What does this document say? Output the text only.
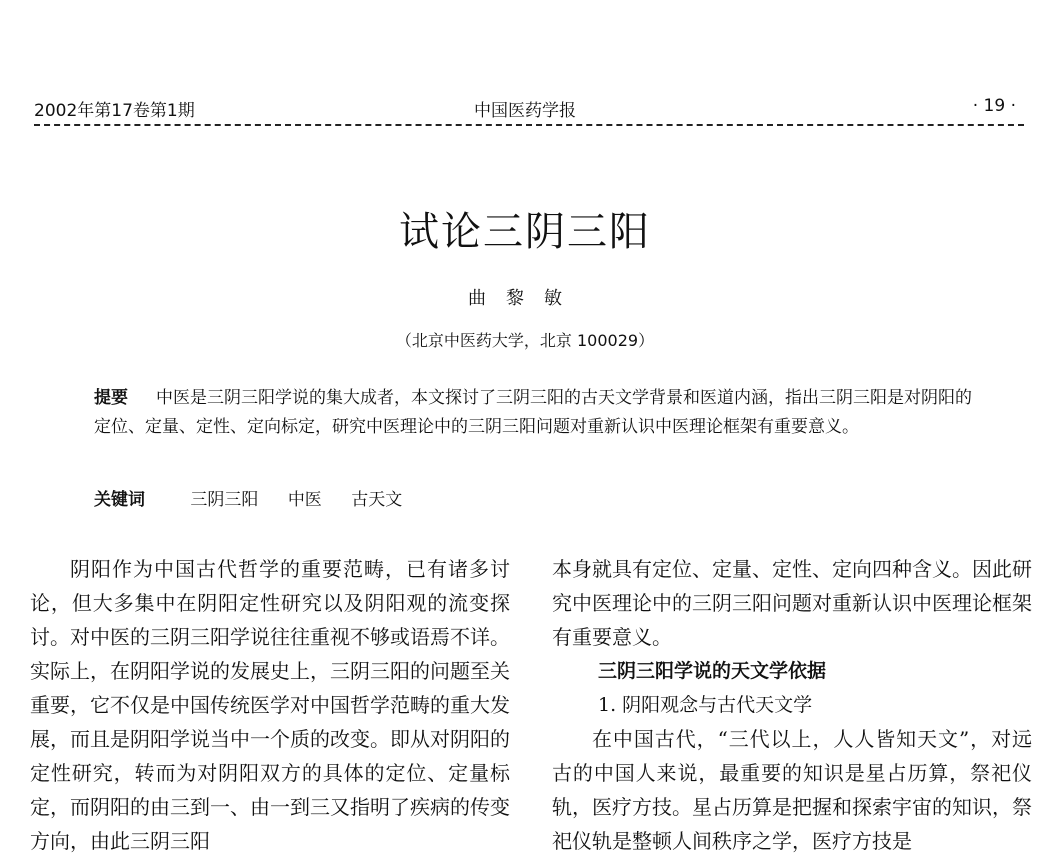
2002年第17卷第1期	中国医药学报	· 19 ·
试论三阴三阳
曲黎敏
（北京中医药大学，北京 100029）
提要 中医是三阴三阳学说的集大成者，本文探讨了三阴三阳的古天文学背景和医道内涵，指出三阴三阳是对阴阳的定位、定量、定性、定向标定，研究中医理论中的三阴三阳问题对重新认识中医理论框架有重要意义。
关键词	三阴三阳 中医 古天文

阴阳作为中国古代哲学的重要范畴，已有诸多讨论，但大多集中在阴阳定性研究以及阴阳观的流变探讨。对中医的三阴三阳学说往往重视不够或语焉不详。实际上，在阴阳学说的发展史上，三阴三阳的问题至关重要，它不仅是中国传统医学对中国哲学范畴的重大发展，而且是阴阳学说当中一个质的改变。即从对阴阳的定性研究，转而为对阴阳双方的具体的定位、定量标定，而阴阳的由三到一、由一到三又指明了疾病的传变方向，由此三阴三阳

本身就具有定位、定量、定性、定向四种含义。因此研究中医理论中的三阴三阳问题对重新认识中医理论框架有重要意义。

三阴三阳学说的天文学依据
1. 阴阳观念与古代天文学

在中国古代，“三代以上，人人皆知天文”，对远古的中国人来说，最重要的知识是星占历算，祭祀仪轨，医疗方技。星占历算是把握和探索宇宙的知识，祭祀仪轨是整顿人间秩序之学，医疗方技是
